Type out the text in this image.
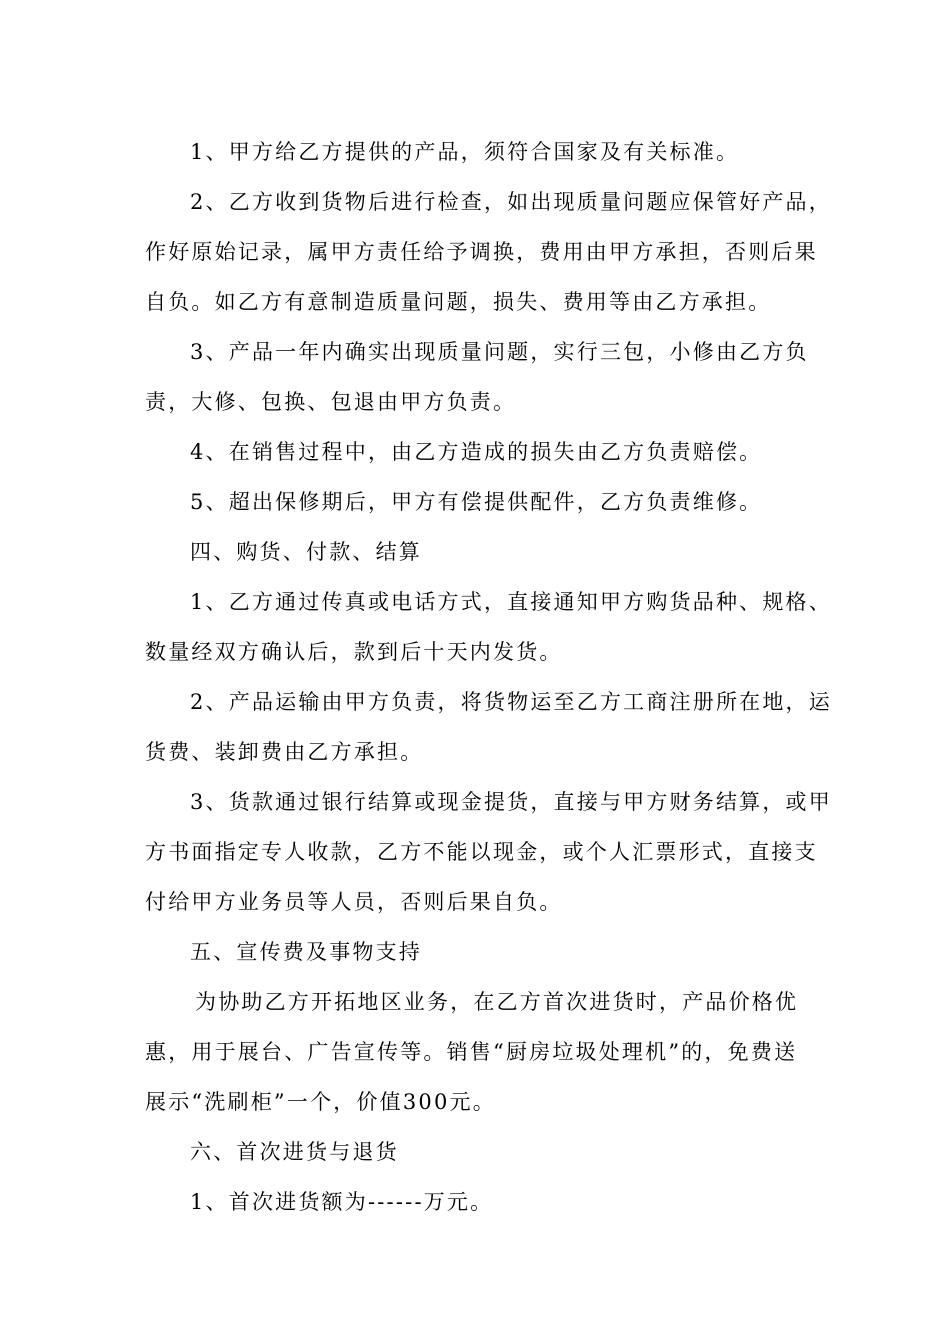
1、甲方给乙方提供的产品，须符合国家及有关标准。
2、乙方收到货物后进行检查，如出现质量问题应保管好产品，
作好原始记录，属甲方责任给予调换，费用由甲方承担，否则后果
自负。如乙方有意制造质量问题，损失、费用等由乙方承担。
3、产品一年内确实出现质量问题，实行三包，小修由乙方负
责，大修、包换、包退由甲方负责。
4、在销售过程中，由乙方造成的损失由乙方负责赔偿。
5、超出保修期后，甲方有偿提供配件，乙方负责维修。
四、购货、付款、结算
1、乙方通过传真或电话方式，直接通知甲方购货品种、规格、
数量经双方确认后，款到后十天内发货。
2、产品运输由甲方负责，将货物运至乙方工商注册所在地，运
货费、装卸费由乙方承担。
3、货款通过银行结算或现金提货，直接与甲方财务结算，或甲
方书面指定专人收款，乙方不能以现金，或个人汇票形式，直接支
付给甲方业务员等人员，否则后果自负。
五、宣传费及事物支持
为协助乙方开拓地区业务，在乙方首次进货时，产品价格优
惠，用于展台、广告宣传等。销售“厨房垃圾处理机”的，免费送
展示“洗刷柜”一个，价值300元。
六、首次进货与退货
1、首次进货额为------万元。
